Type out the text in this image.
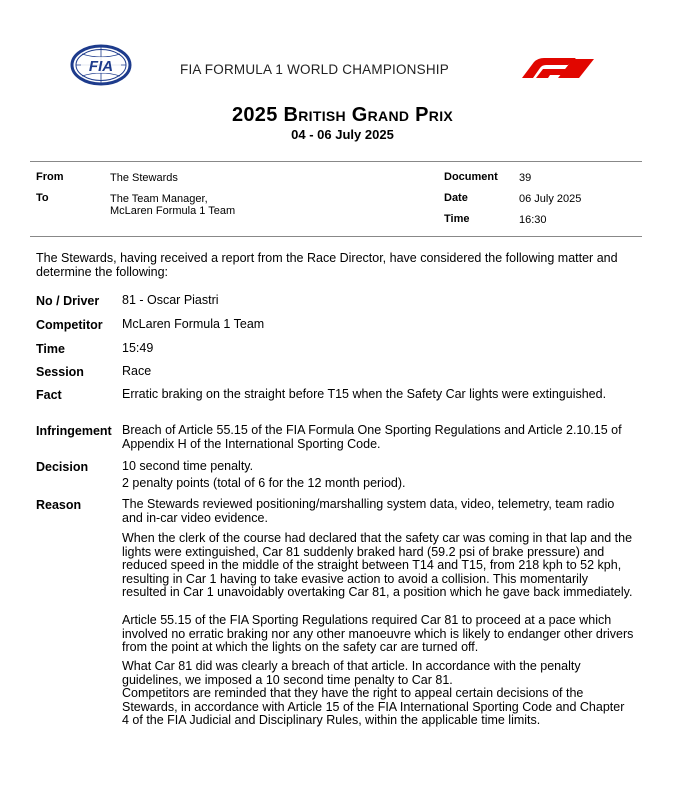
FIA	FIA FORMULA 1 WORLD CHAMPIONSHIP
2025 British Grand Prix
04 - 06 July 2025
From	The Stewards
To	The Team Manager,
McLaren Formula 1 Team
Document 39
Date	06 July 2025
Time	16:30
The Stewards, having received a report from the Race Director, have considered the following matter and determine the following:
No / Driver 81 - Oscar Piastri
Competitor McLaren Formula 1 Team
Time	15:49
Session	Race
Fact	Erratic braking on the straight before T15 when the Safety Car lights were extinguished.
Infringement Breach of Article 55.15 of the FIA Formula One Sporting Regulations and Article 2.10.15 of Appendix H of the International Sporting Code.
Decision	10 second time penalty.
2 penalty points (total of 6 for the 12 month period).
Reason	The Stewards reviewed positioning/marshalling system data, video, telemetry, team radio and in-car video evidence.
When the clerk of the course had declared that the safety car was coming in that lap and the lights were extinguished, Car 81 suddenly braked hard (59.2 psi of brake pressure) and reduced speed in the middle of the straight between T14 and T15, from 218 kph to 52 kph, resulting in Car 1 having to take evasive action to avoid a collision. This momentarily resulted in Car 1 unavoidably overtaking Car 81, a position which he gave back immediately.
Article 55.15 of the FIA Sporting Regulations required Car 81 to proceed at a pace which involved no erratic braking nor any other manoeuvre which is likely to endanger other drivers from the point at which the lights on the safety car are turned off.
What Car 81 did was clearly a breach of that article. In accordance with the penalty guidelines, we imposed a 10 second time penalty to Car 81.
Competitors are reminded that they have the right to appeal certain decisions of the Stewards, in accordance with Article 15 of the FIA International Sporting Code and Chapter 4 of the FIA Judicial and Disciplinary Rules, within the applicable time limits.
